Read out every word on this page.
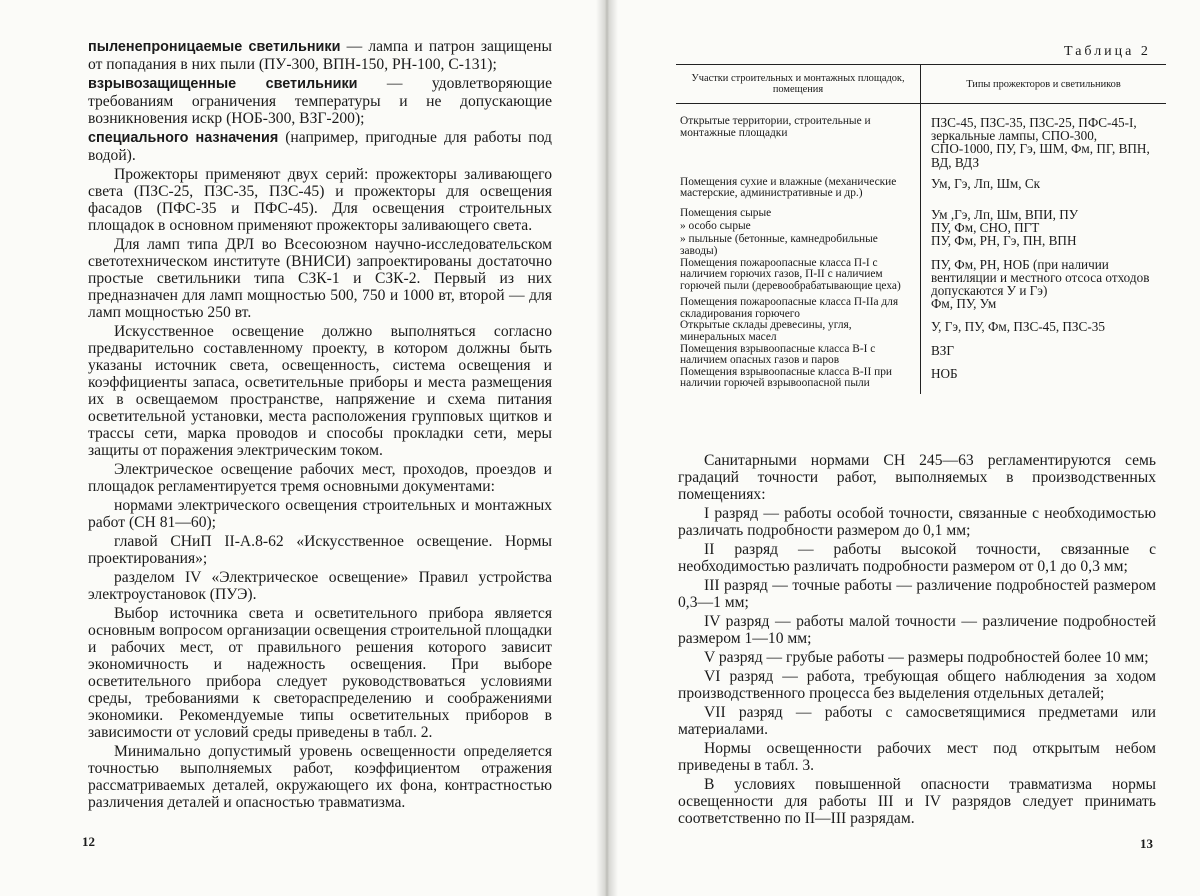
пыленепроницаемые светильники — лампа и патрон защищены от попадания в них пыли (ПУ-300, ВПН-150, РН-100, С-131);

взрывозащищенные светильники — удовлетворяющие требованиям ограничения температуры и не допускающие возникновения искр (НОБ-300, ВЗГ-200);

специального назначения (например, пригодные для работы под водой).

Прожекторы применяют двух серий: прожекторы заливающего света (ПЗС-25, ПЗС-35, ПЗС-45) и прожекторы для освещения фасадов (ПФС-35 и ПФС-45). Для освещения строительных площадок в основном применяют прожекторы заливающего света.

Для ламп типа ДРЛ во Всесоюзном научно-исследовательском светотехническом институте (ВНИСИ) запроектированы достаточно простые светильники типа СЗК-1 и СЗК-2. Первый из них предназначен для ламп мощностью 500, 750 и 1000 вт, второй — для ламп мощностью 250 вт.

Искусственное освещение должно выполняться согласно предварительно составленному проекту, в котором должны быть указаны источник света, освещенность, система освещения и коэффициенты запаса, осветительные приборы и места размещения их в освещаемом пространстве, напряжение и схема питания осветительной установки, места расположения групповых щитков и трассы сети, марка проводов и способы прокладки сети, меры защиты от поражения электрическим током.

Электрическое освещение рабочих мест, проходов, проездов и площадок регламентируется тремя основными документами:

нормами электрического освещения строительных и монтажных работ (СН 81—60);

главой СНиП II-А.8-62 «Искусственное освещение. Нормы проектирования»;

разделом IV «Электрическое освещение» Правил устройства электроустановок (ПУЭ).

Выбор источника света и осветительного прибора является основным вопросом организации освещения строительной площадки и рабочих мест, от правильного решения которого зависит экономичность и надежность освещения. При выборе осветительного прибора следует руководствоваться условиями среды, требованиями к светораспределению и соображениями экономики. Рекомендуемые типы осветительных приборов в зависимости от условий среды приведены в табл. 2.

Минимально допустимый уровень освещенности определяется точностью выполняемых работ, коэффициентом отражения рассматриваемых деталей, окружающего их фона, контрастностью различения деталей и опасностью травматизма.

12
Таблица 2
Участки строительных и монтажных площадок, помещения	Типы прожекторов и светильников
Открытые территории, строительные и монтажные площадки	ПЗС-45, ПЗС-35, ПЗС-25, ПФС-45-I, зеркальные лампы, СПО-300, СПО-1000, ПУ, Гэ, ШМ, Фм, ПГ, ВПН, ВД, ВДЗ
Помещения сухие и влажные (механические мастерские, административные и др.)	Ум, Гэ, Лп, Шм, Ск
Помещения сырые	Ум ,Гэ, Лп, Шм, ВПИ, ПУ
» особо сырые	ПУ, Фм, СНО, ПГТ
» пыльные (бетонные, камнедробильные заводы)	ПУ, Фм, РН, Гэ, ПН, ВПН
Помещения пожароопасные класса П-I с наличием горючих газов, П-II с наличием горючей пыли (деревообрабатывающие цеха)	ПУ, Фм, РН, НОБ (при наличии вентиляции и местного отсоса отходов допускаются У и Гэ)
Помещения пожароопасные класса П-IIа для складирования горючего	Фм, ПУ, Ум
Открытые склады древесины, угля, минеральных масел	У, Гэ, ПУ, Фм, ПЗС-45, ПЗС-35
Помещения взрывоопасные класса В-I с наличием опасных газов и паров	ВЗГ
Помещения взрывоопасные класса В-II при наличии горючей взрывоопасной пыли	НОБ

Санитарными нормами СН 245—63 регламентируются семь градаций точности работ, выполняемых в производственных помещениях:

I разряд — работы особой точности, связанные с необходимостью различать подробности размером до 0,1 мм;

II разряд — работы высокой точности, связанные с необходимостью различать подробности размером от 0,1 до 0,3 мм;

III разряд — точные работы — различение подробностей размером 0,3—1 мм;

IV разряд — работы малой точности — различение подробностей размером 1—10 мм;

V разряд — грубые работы — размеры подробностей более 10 мм;

VI разряд — работа, требующая общего наблюдения за ходом производственного процесса без выделения отдельных деталей;

VII разряд — работы с самосветящимися предметами или материалами.

Нормы освещенности рабочих мест под открытым небом приведены в табл. 3.

В условиях повышенной опасности травматизма нормы освещенности для работы III и IV разрядов следует принимать соответственно по II—III разрядам.

13
